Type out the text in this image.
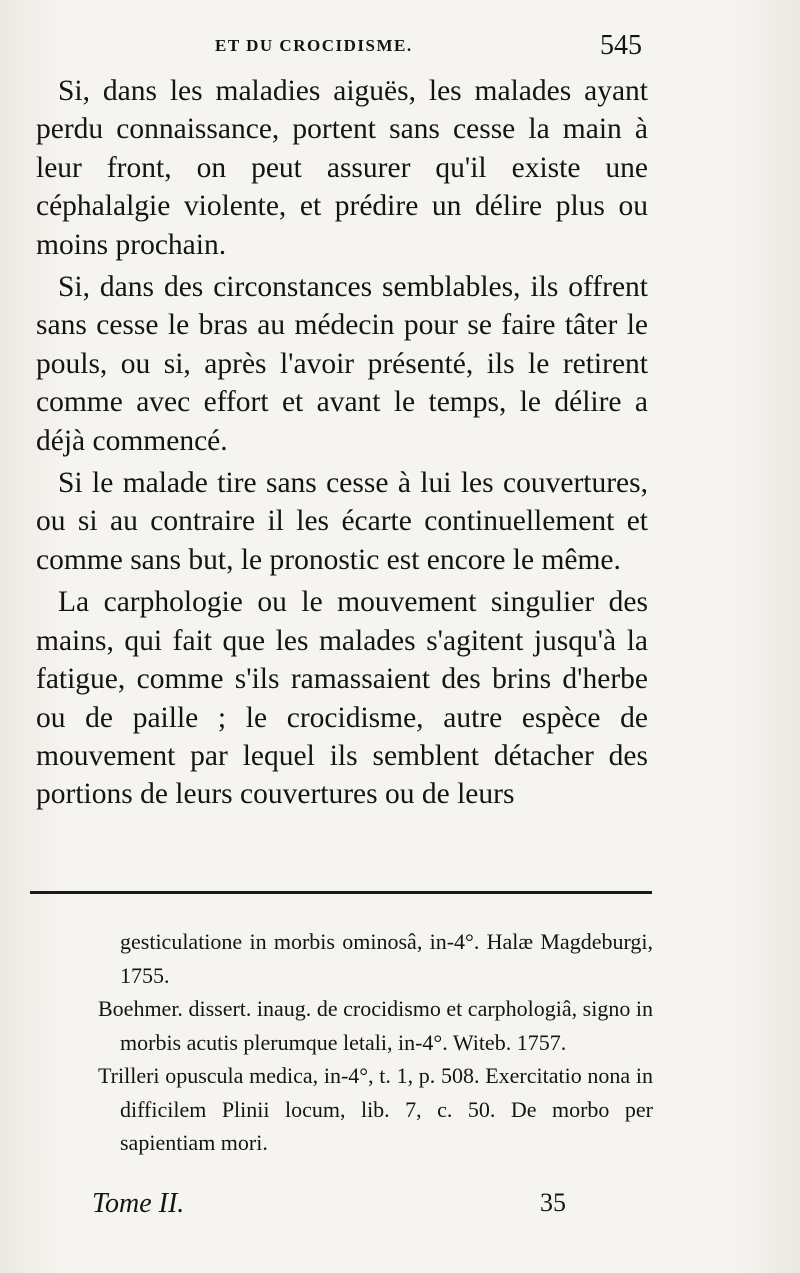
ET DU CROCIDISME.	545

Si, dans les maladies aiguës, les malades ayant perdu connaissance, portent sans cesse la main à leur front, on peut assurer qu'il existe une céphalalgie violente, et prédire un délire plus ou moins prochain.

Si, dans des circonstances semblables, ils offrent sans cesse le bras au médecin pour se faire tâter le pouls, ou si, après l'avoir présenté, ils le retirent comme avec effort et avant le temps, le délire a déjà commencé.

Si le malade tire sans cesse à lui les couvertures, ou si au contraire il les écarte continuellement et comme sans but, le pronostic est encore le même.

La carphologie ou le mouvement singulier des mains, qui fait que les malades s'agitent jusqu'à la fatigue, comme s'ils ramassaient des brins d'herbe ou de paille ; le crocidisme, autre espèce de mouvement par lequel ils semblent détacher des portions de leurs couvertures ou de leurs

gesticulatione in morbis ominosâ, in-4°. Halæ Magdeburgi, 1755.

Boehmer. dissert. inaug. de crocidismo et carphologiâ, signo in morbis acutis plerumque letali, in-4°. Witeb. 1757.

Trilleri opuscula medica, in-4°, t. 1, p. 508. Exercitatio nona in difficilem Plinii locum, lib. 7, c. 50. De morbo per sapientiam mori.

Tome II.	35
